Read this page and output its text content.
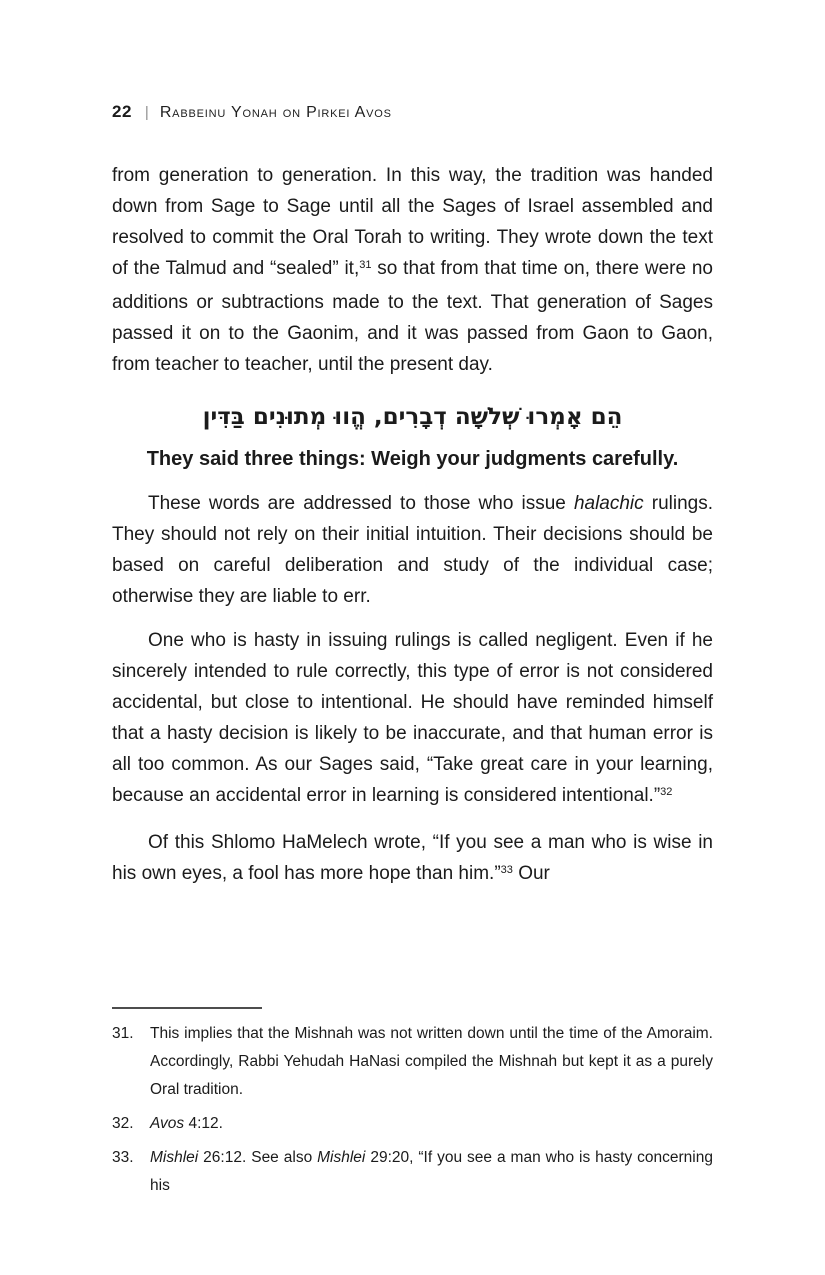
22 | Rabbeinu Yonah on Pirkei Avos

from generation to generation. In this way, the tradition was handed down from Sage to Sage until all the Sages of Israel assembled and resolved to commit the Oral Torah to writing. They wrote down the text of the Talmud and “sealed” it,$^{31}$ so that from that time on, there were no additions or subtractions made to the text. That generation of Sages passed it on to the Gaonim, and it was passed from Gaon to Gaon, from teacher to teacher, until the present day.

הֵם אָמְרוּ שְׁלֹשָׁה דְבָרִים, הֱווּ מְתוּנִים בַּדִּין
They said three things: Weigh your judgments carefully.

These words are addressed to those who issue halachic rulings. They should not rely on their initial intuition. Their decisions should be based on careful deliberation and study of the individual case; otherwise they are liable to err.

One who is hasty in issuing rulings is called negligent. Even if he sincerely intended to rule correctly, this type of error is not considered accidental, but close to intentional. He should have reminded himself that a hasty decision is likely to be inaccurate, and that human error is all too common. As our Sages said, “Take great care in your learning, because an accidental error in learning is considered intentional.”$^{32}$

Of this Shlomo HaMelech wrote, “If you see a man who is wise in his own eyes, a fool has more hope than him.”$^{33}$ Our

31.	This implies that the Mishnah was not written down until the time of the Amoraim. Accordingly, Rabbi Yehudah HaNasi compiled the Mishnah but kept it as a purely Oral tradition.
32.	Avos 4:12.
33.	Mishlei 26:12. See also Mishlei 29:20, “If you see a man who is hasty concerning his
